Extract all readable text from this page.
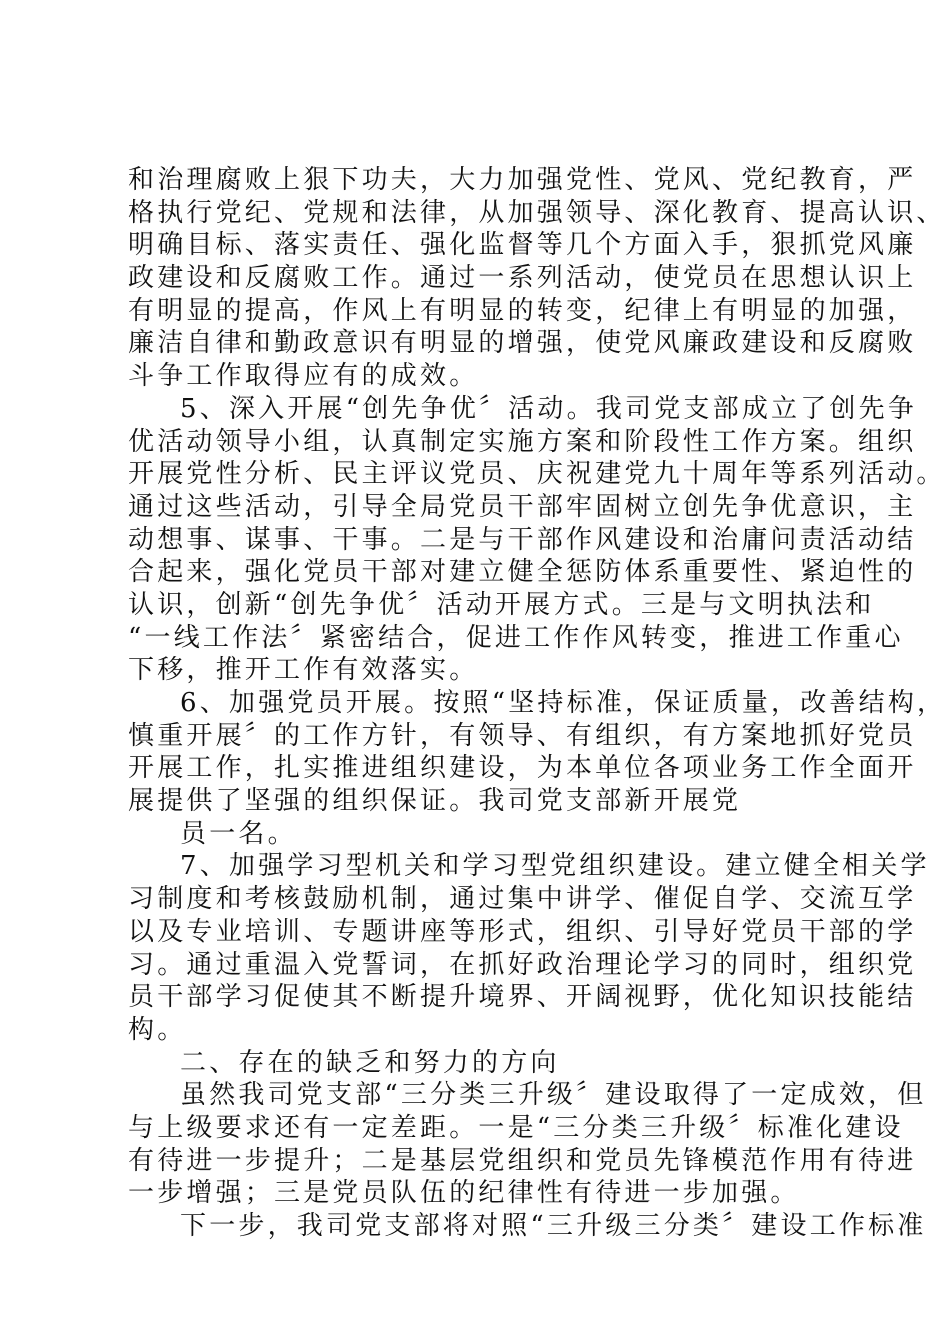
和治理腐败上狠下功夫，大力加强党性、党风、党纪教育，严
格执行党纪、党规和法律，从加强领导、深化教育、提高认识、
明确目标、落实责任、强化监督等几个方面入手，狠抓党风廉
政建设和反腐败工作。通过一系列活动，使党员在思想认识上
有明显的提高，作风上有明显的转变，纪律上有明显的加强，
廉洁自律和勤政意识有明显的增强，使党风廉政建设和反腐败
斗争工作取得应有的成效。
5、深入开展“创先争优〞活动。我司党支部成立了创先争
优活动领导小组，认真制定实施方案和阶段性工作方案。组织
开展党性分析、民主评议党员、庆祝建党九十周年等系列活动。
通过这些活动，引导全局党员干部牢固树立创先争优意识，主
动想事、谋事、干事。二是与干部作风建设和治庸问责活动结
合起来，强化党员干部对建立健全惩防体系重要性、紧迫性的
认识，创新“创先争优〞活动开展方式。三是与文明执法和
“一线工作法〞紧密结合，促进工作作风转变，推进工作重心
下移，推开工作有效落实。
6、加强党员开展。按照“坚持标准，保证质量，改善结构，
慎重开展〞的工作方针，有领导、有组织，有方案地抓好党员
开展工作，扎实推进组织建设，为本单位各项业务工作全面开
展提供了坚强的组织保证。我司党支部新开展党
员一名。
7、加强学习型机关和学习型党组织建设。建立健全相关学
习制度和考核鼓励机制，通过集中讲学、催促自学、交流互学
以及专业培训、专题讲座等形式，组织、引导好党员干部的学
习。通过重温入党誓词，在抓好政治理论学习的同时，组织党
员干部学习促使其不断提升境界、开阔视野，优化知识技能结
构。
二、存在的缺乏和努力的方向
虽然我司党支部“三分类三升级〞建设取得了一定成效，但
与上级要求还有一定差距。一是“三分类三升级〞标准化建设
有待进一步提升；二是基层党组织和党员先锋模范作用有待进
一步增强；三是党员队伍的纪律性有待进一步加强。
下一步，我司党支部将对照“三升级三分类〞建设工作标准
